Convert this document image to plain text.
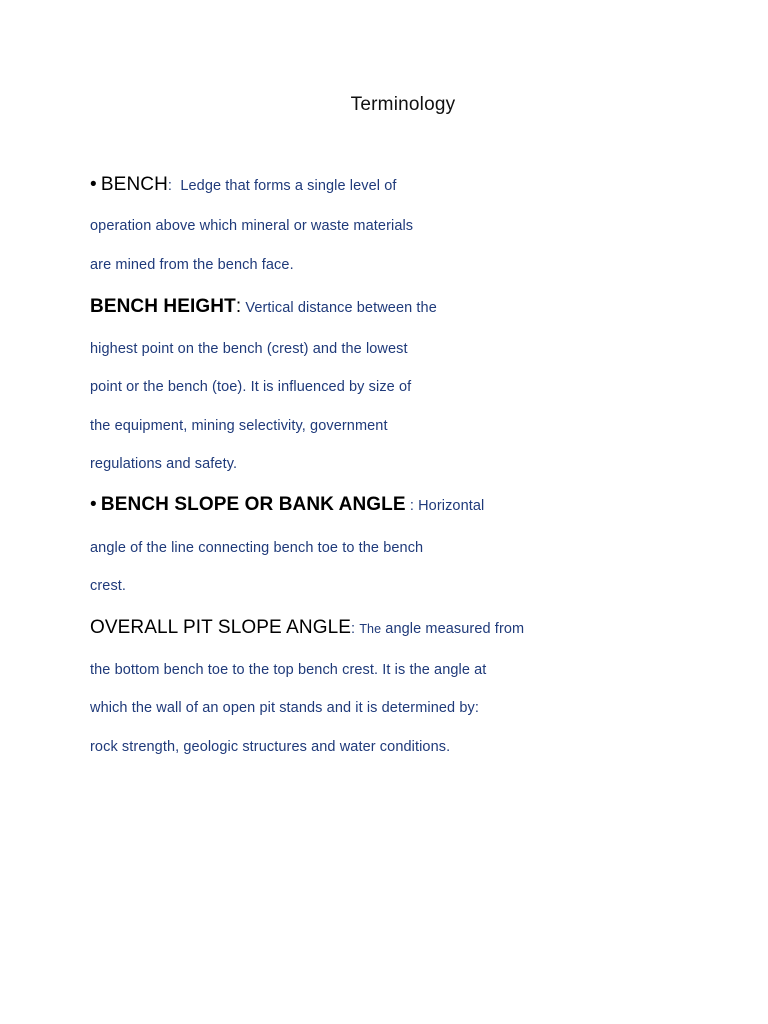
Terminology
• BENCH: Ledge that forms a single level of
operation above which mineral or waste materials
are mined from the bench face.
BENCH HEIGHT: Vertical distance between the
highest point on the bench (crest) and the lowest
point or the bench (toe). It is influenced by size of
the equipment, mining selectivity, government
regulations and safety.
• BENCH SLOPE OR BANK ANGLE : Horizontal
angle of the line connecting bench toe to the bench
crest.
OVERALL PIT SLOPE ANGLE: The angle measured from
the bottom bench toe to the top bench crest. It is the angle at
which the wall of an open pit stands and it is determined by:
rock strength, geologic structures and water conditions.
